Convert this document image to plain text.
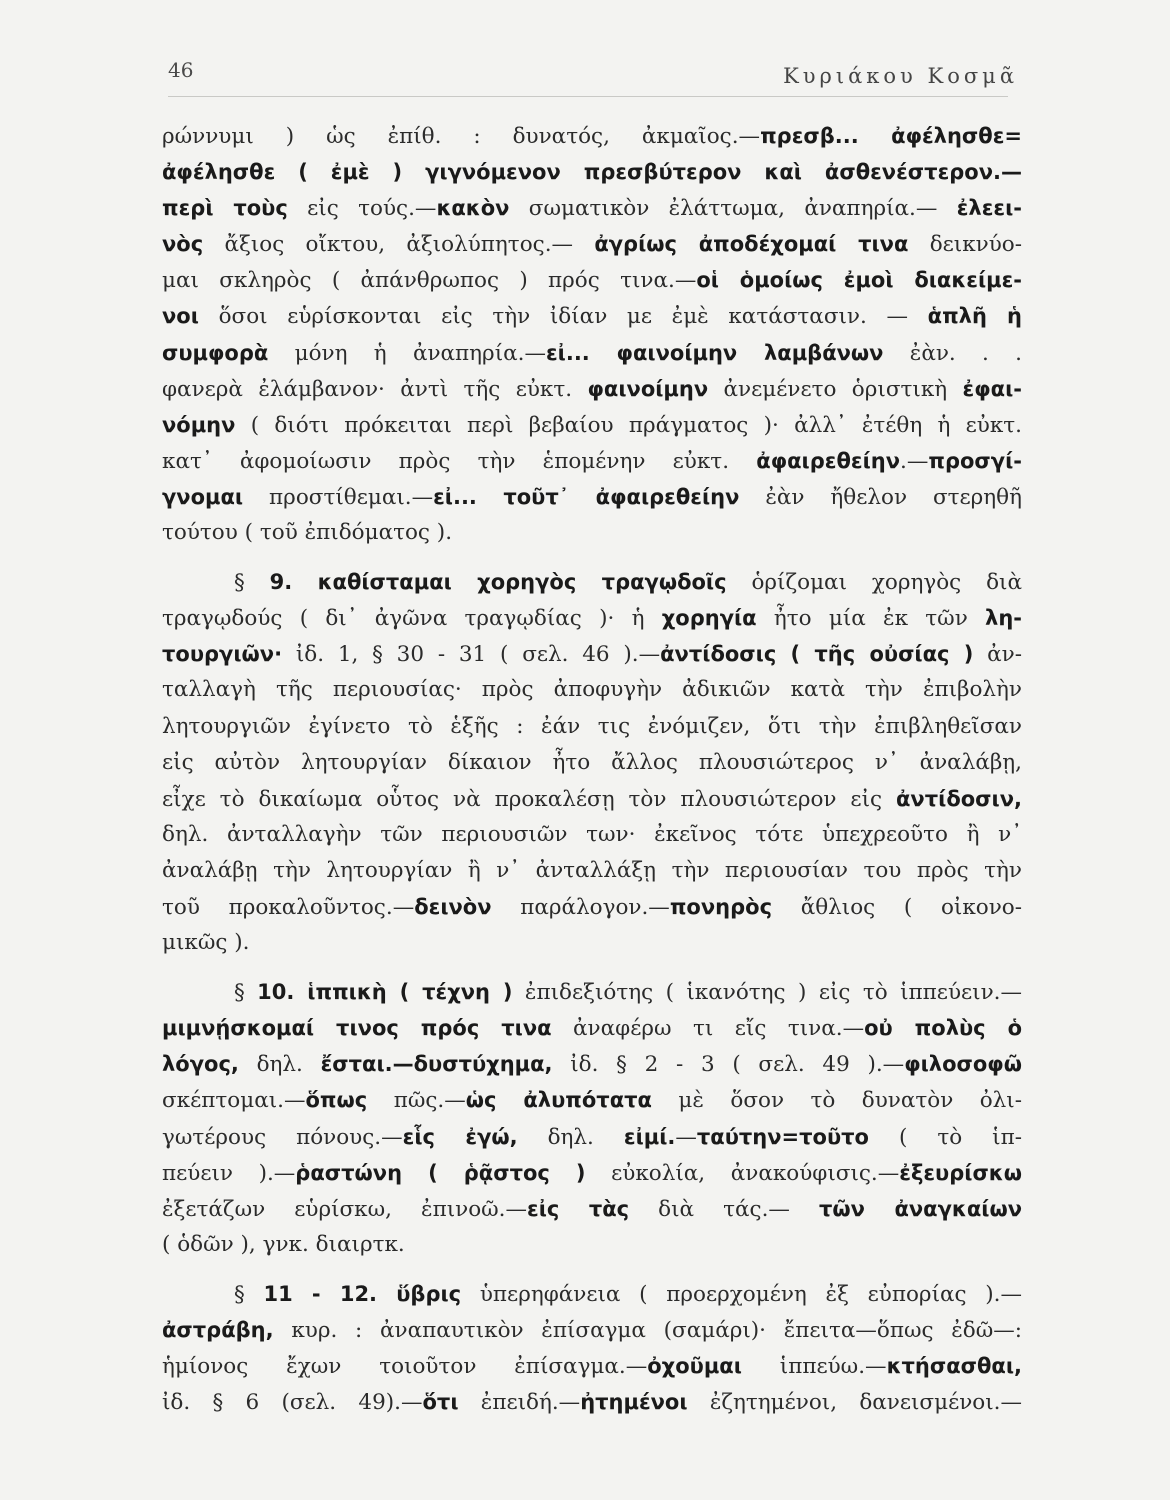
46	Κυριάκου Κοσμᾶ
ρώννυμι ) ὡς ἐπίθ. : δυνατός, ἀκμαῖος.—πρεσβ... ἀφέλησθε=
ἀφέλησθε ( ἐμὲ ) γιγνόμενον πρεσβύτερον καὶ ἀσθενέστερον.—
περὶ τοὺς εἰς τούς.—κακὸν σωματικὸν ἐλάττωμα, ἀναπηρία.— ἐλεει-
νὸς ἄξιος οἴκτου, ἀξιολύπητος.— ἀγρίως ἀποδέχομαί τινα δεικνύο-
μαι σκληρὸς ( ἀπάνθρωπος ) πρός τινα.—οἱ ὁμοίως ἐμοὶ διακείμε-
νοι ὅσοι εὑρίσκονται εἰς τὴν ἰδίαν με ἐμὲ κατάστασιν. — ἁπλῆ ἡ
συμφορὰ μόνη ἡ ἀναπηρία.—εἰ... φαινοίμην λαμβάνων ἐὰν. . .
φανερὰ ἐλάμβανον· ἀντὶ τῆς εὐκτ. φαινοίμην ἀνεμένετο ὁριστικὴ ἐφαι-
νόμην ( διότι πρόκειται περὶ βεβαίου πράγματος )· ἀλλ᾽ ἐτέθη ἡ εὐκτ.
κατ᾽ ἀφομοίωσιν πρὸς τὴν ἑπομένην εὐκτ. ἀφαιρεθείην.—προσγί-
γνομαι προστίθεμαι.—εἰ... τοῦτ᾽ ἀφαιρεθείην ἐὰν ἤθελον στερηθῆ
τούτου ( τοῦ ἐπιδόματος ).
§ 9. καθίσταμαι χορηγὸς τραγῳδοῖς ὁρίζομαι χορηγὸς διὰ
τραγῳδούς ( δι᾽ ἀγῶνα τραγῳδίας )· ἡ χορηγία ἦτο μία ἐκ τῶν λη-
τουργιῶν· ἰδ. 1, § 30 - 31 ( σελ. 46 ).—ἀντίδοσις ( τῆς οὐσίας ) ἀν-
ταλλαγὴ τῆς περιουσίας· πρὸς ἀποφυγὴν ἀδικιῶν κατὰ τὴν ἐπιβολὴν
λητουργιῶν ἐγίνετο τὸ ἑξῆς : ἐάν τις ἐνόμιζεν, ὅτι τὴν ἐπιβληθεῖσαν
εἰς αὐτὸν λητουργίαν δίκαιον ἦτο ἄλλος πλουσιώτερος ν᾽ ἀναλάβῃ,
εἶχε τὸ δικαίωμα οὗτος νὰ προκαλέσῃ τὸν πλουσιώτερον εἰς ἀντίδοσιν,
δηλ. ἀνταλλαγὴν τῶν περιουσιῶν των· ἐκεῖνος τότε ὑπεχρεοῦτο ἢ ν᾽
ἀναλάβῃ τὴν λητουργίαν ἢ ν᾽ ἀνταλλάξῃ τὴν περιουσίαν του πρὸς τὴν
τοῦ προκαλοῦντος.—δεινὸν παράλογον.—πονηρὸς ἄθλιος ( οἰκονο-
μικῶς ).
§ 10. ἱππικὴ ( τέχνη ) ἐπιδεξιότης ( ἱκανότης ) εἰς τὸ ἱππεύειν.—
μιμνῄσκομαί τινος πρός τινα ἀναφέρω τι εἴς τινα.—οὐ πολὺς ὁ
λόγος, δηλ. ἔσται.—δυστύχημα, ἰδ. § 2 - 3 ( σελ. 49 ).—φιλοσοφῶ
σκέπτομαι.—ὅπως πῶς.—ὡς ἀλυπότατα μὲ ὅσον τὸ δυνατὸν ὀλι-
γωτέρους πόνους.—εἷς ἐγώ, δηλ. εἰμί.—ταύτην=τοῦτο ( τὸ ἱπ-
πεύειν ).—ῥαστώνη ( ῥᾷστος ) εὐκολία, ἀνακούφισις.—ἐξευρίσκω
ἐξετάζων εὑρίσκω, ἐπινοῶ.—εἰς τὰς διὰ τάς.— τῶν ἀναγκαίων
( ὁδῶν ), γνκ. διαιρτκ.
§ 11 - 12. ὕβρις ὑπερηφάνεια ( προερχομένη ἐξ εὐπορίας ).—
ἀστράβη, κυρ. : ἀναπαυτικὸν ἐπίσαγμα (σαμάρι)· ἔπειτα—ὅπως ἐδῶ—:
ἡμίονος ἔχων τοιοῦτον ἐπίσαγμα.—ὀχοῦμαι ἱππεύω.—κτήσασθαι,
ἰδ. § 6 (σελ. 49).—ὅτι ἐπειδή.—ἠτημένοι ἐζητημένοι, δανεισμένοι.—
